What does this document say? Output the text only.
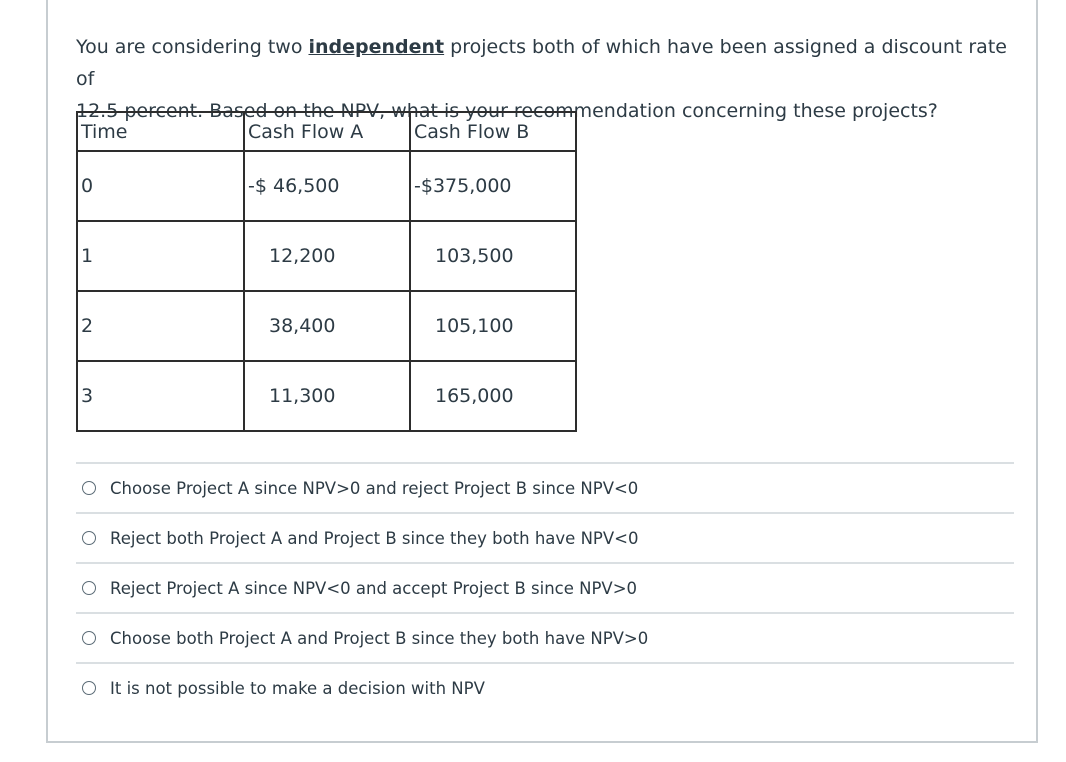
You are considering two independent projects both of which have been assigned a discount rate of
12.5 percent. Based on the NPV, what is your recommendation concerning these projects?
Time	Cash Flow A	Cash Flow B
0	-$ 46,500	-$375,000
1	12,200	103,500
2	38,400	105,100
3	11,300	165,000
Choose Project A since NPV>0 and reject Project B since NPV<0
Reject both Project A and Project B since they both have NPV<0
Reject Project A since NPV<0 and accept Project B since NPV>0
Choose both Project A and Project B since they both have NPV>0
It is not possible to make a decision with NPV
